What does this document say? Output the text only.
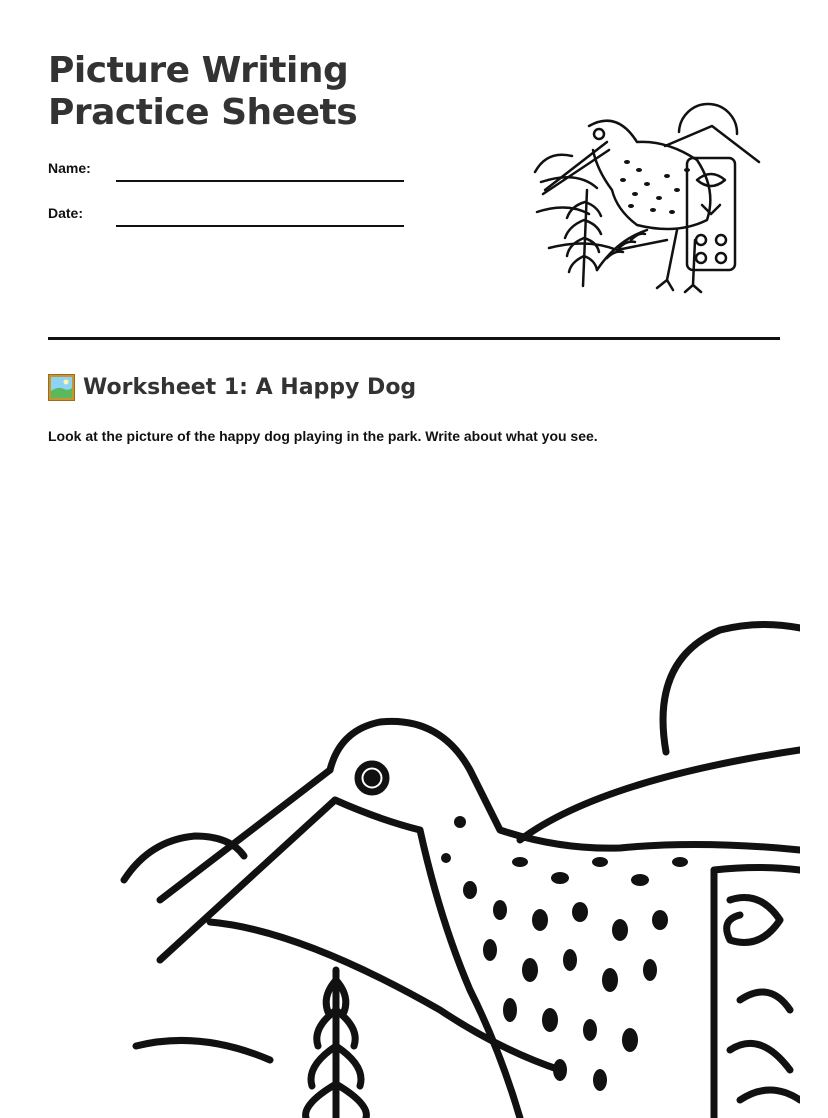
Picture Writing Practice Sheets
Name:
Date:
Worksheet 1: A Happy Dog

Look at the picture of the happy dog playing in the park. Write about what you see.
